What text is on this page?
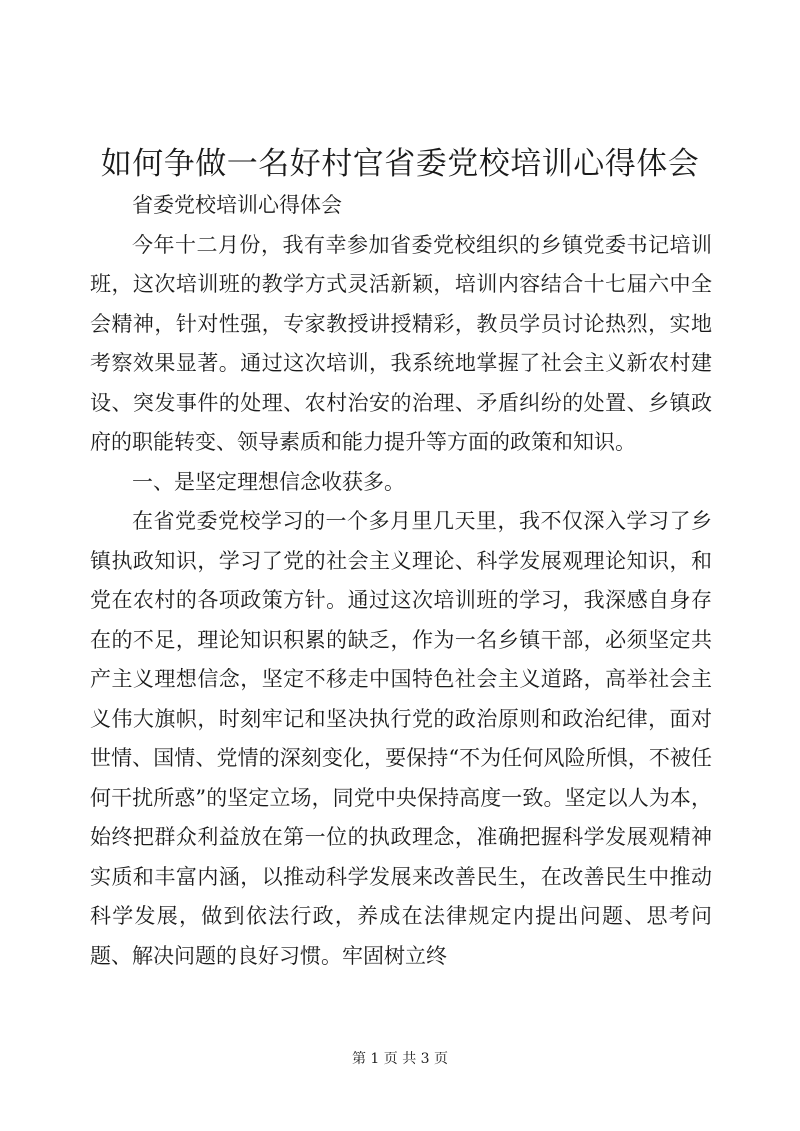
如何争做一名好村官省委党校培训心得体会

省委党校培训心得体会

今年十二月份，我有幸参加省委党校组织的乡镇党委书记培训班，这次培训班的教学方式灵活新颖，培训内容结合十七届六中全会精神，针对性强，专家教授讲授精彩，教员学员讨论热烈，实地考察效果显著。通过这次培训，我系统地掌握了社会主义新农村建设、突发事件的处理、农村治安的治理、矛盾纠纷的处置、乡镇政府的职能转变、领导素质和能力提升等方面的政策和知识。

一、是坚定理想信念收获多。

在省党委党校学习的一个多月里几天里，我不仅深入学习了乡镇执政知识，学习了党的社会主义理论、科学发展观理论知识，和党在农村的各项政策方针。通过这次培训班的学习，我深感自身存在的不足，理论知识积累的缺乏，作为一名乡镇干部，必须坚定共产主义理想信念，坚定不移走中国特色社会主义道路，高举社会主义伟大旗帜，时刻牢记和坚决执行党的政治原则和政治纪律，面对世情、国情、党情的深刻变化，要保持“不为任何风险所惧，不被任何干扰所惑”的坚定立场，同党中央保持高度一致。坚定以人为本，始终把群众利益放在第一位的执政理念，准确把握科学发展观精神实质和丰富内涵，以推动科学发展来改善民生，在改善民生中推动科学发展，做到依法行政，养成在法律规定内提出问题、思考问题、解决问题的良好习惯。牢固树立终

第 1 页 共 3 页
